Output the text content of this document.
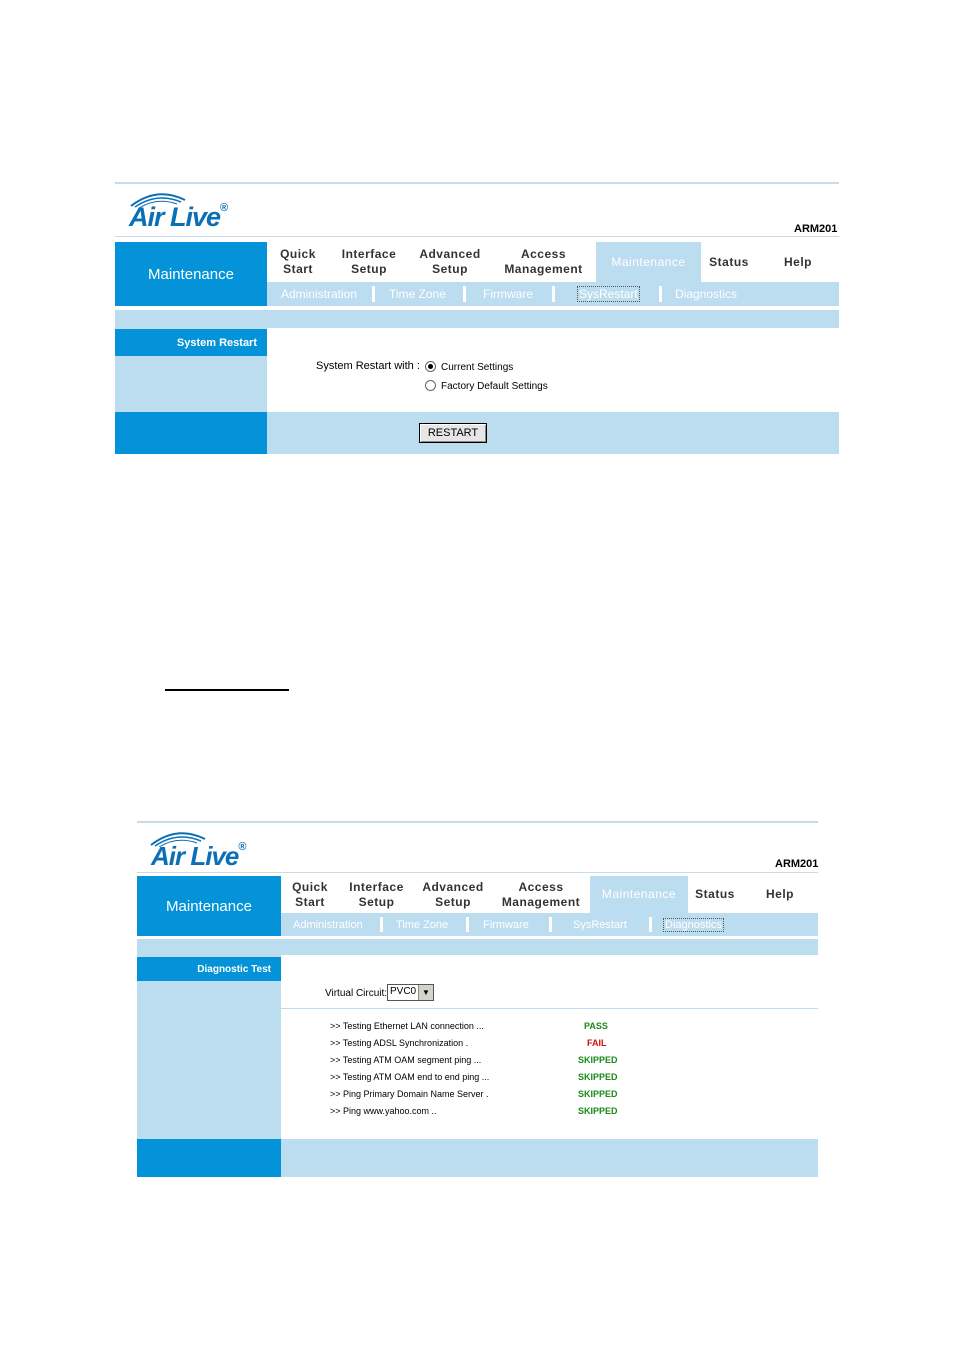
Air Live®
ARM201
Maintenance
Quick
Start
Interface
Setup
Advanced
Setup
Access
Management
Maintenance Status	Help
Administration	Time Zone	Firmware	SysRestart	Diagnostics
System Restart
System Restart with : Current Settings
Factory Default Settings
RESTART
Air Live®
ARM201
Maintenance
Quick
Start
Interface
Setup
Advanced
Setup
Access
Management
Maintenance Status	Help
Administration	Time Zone	Firmware	SysRestart	Diagnostics
Diagnostic Test
Virtual Circuit: PVC0 ▼
>> Testing Ethernet LAN connection ...	PASS
>> Testing ADSL Synchronization .	FAIL
>> Testing ATM OAM segment ping ...	SKIPPED
>> Testing ATM OAM end to end ping ...	SKIPPED
>> Ping Primary Domain Name Server .	SKIPPED
>> Ping www.yahoo.com ..	SKIPPED
